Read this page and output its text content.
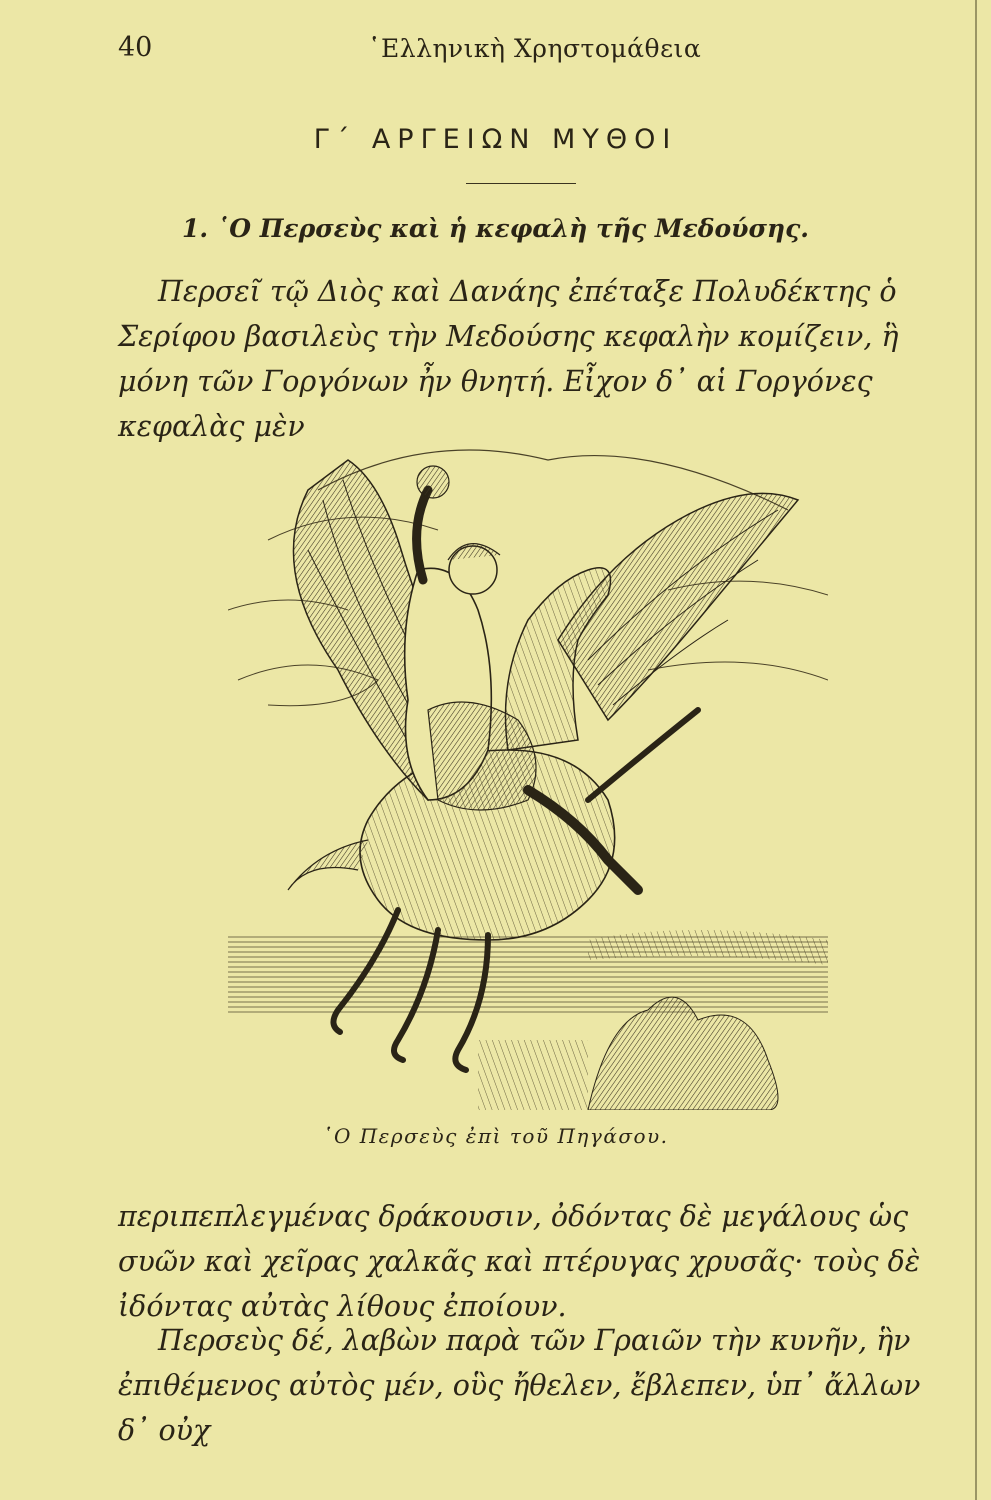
40	῾Ελληνικὴ Χρηστομάθεια
Γ΄ ΑΡΓΕΙΩΝ ΜΥΘΟΙ
1. ῾Ο Περσεὺς καὶ ἡ κεφαλὴ τῆς Μεδούσης.

Περσεῖ τῷ Διὸς καὶ Δανάης ἐπέταξε Πολυδέκτης ὁ Σερίφου βασιλεὺς τὴν Μεδούσης κεφαλὴν κομίζειν, ἣ μόνη τῶν Γοργόνων ἦν θνητή. Εἶχον δ᾽ αἱ Γοργόνες κεφαλὰς μὲν

῾Ο Περσεὺς ἐπὶ τοῦ Πηγάσου.

περιπεπλεγμένας δράκουσιν, ὀδόντας δὲ μεγάλους ὡς συῶν καὶ χεῖρας χαλκᾶς καὶ πτέρυγας χρυσᾶς· τοὺς δὲ ἰδόντας αὐτὰς λίθους ἐποίουν.

Περσεὺς δέ, λαβὼν παρὰ τῶν Γραιῶν τὴν κυνῆν, ἣν ἐπιθέμενος αὐτὸς μέν, οὓς ἤθελεν, ἔβλεπεν, ὑπ᾽ ἄλλων δ᾽ οὐχ
